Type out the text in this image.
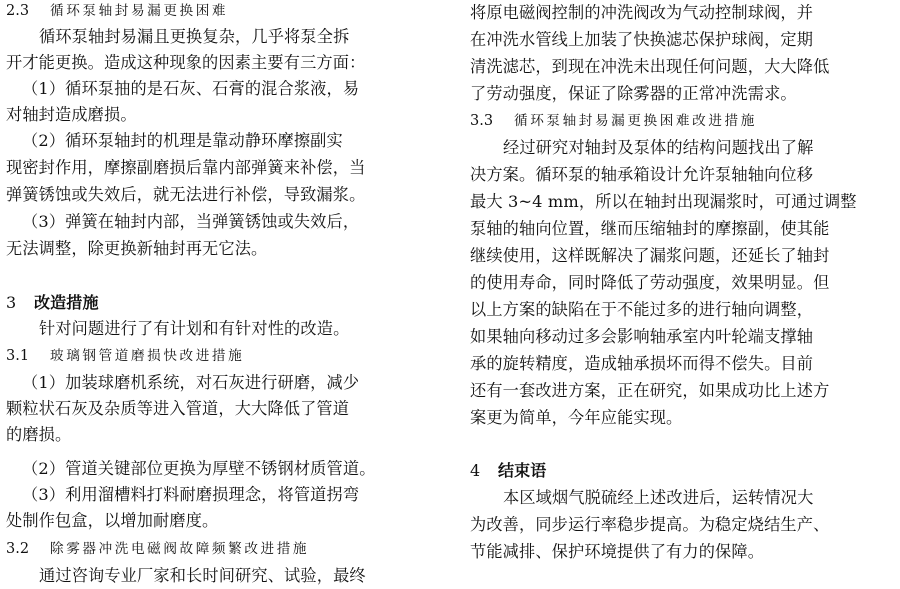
2.3 循环泵轴封易漏更换困难
循环泵轴封易漏且更换复杂，几乎将泵全拆
开才能更换。造成这种现象的因素主要有三方面：
（1）循环泵抽的是石灰、石膏的混合浆液，易
对轴封造成磨损。
（2）循环泵轴封的机理是靠动静环摩擦副实
现密封作用，摩擦副磨损后靠内部弹簧来补偿，当
弹簧锈蚀或失效后，就无法进行补偿，导致漏浆。
（3）弹簧在轴封内部，当弹簧锈蚀或失效后，
无法调整，除更换新轴封再无它法。
3 改造措施
针对问题进行了有计划和有针对性的改造。
3.1 玻璃钢管道磨损快改进措施
（1）加装球磨机系统，对石灰进行研磨，减少
颗粒状石灰及杂质等进入管道，大大降低了管道
的磨损。
（2）管道关键部位更换为厚壁不锈钢材质管道。
（3）利用溜槽料打料耐磨损理念，将管道拐弯
处制作包盒，以增加耐磨度。
3.2 除雾器冲洗电磁阀故障频繁改进措施
通过咨询专业厂家和长时间研究、试验，最终
将原电磁阀控制的冲洗阀改为气动控制球阀，并
在冲洗水管线上加装了快换滤芯保护球阀，定期
清洗滤芯，到现在冲洗未出现任何问题，大大降低
了劳动强度，保证了除雾器的正常冲洗需求。
3.3 循环泵轴封易漏更换困难改进措施
经过研究对轴封及泵体的结构问题找出了解
决方案。循环泵的轴承箱设计允许泵轴轴向位移
最大 3~4 mm，所以在轴封出现漏浆时，可通过调整
泵轴的轴向位置，继而压缩轴封的摩擦副，使其能
继续使用，这样既解决了漏浆问题，还延长了轴封
的使用寿命，同时降低了劳动强度，效果明显。但
以上方案的缺陷在于不能过多的进行轴向调整，
如果轴向移动过多会影响轴承室内叶轮端支撑轴
承的旋转精度，造成轴承损坏而得不偿失。目前
还有一套改进方案，正在研究，如果成功比上述方
案更为简单，今年应能实现。
4 结束语
本区域烟气脱硫经上述改进后，运转情况大
为改善，同步运行率稳步提高。为稳定烧结生产、
节能减排、保护环境提供了有力的保障。
